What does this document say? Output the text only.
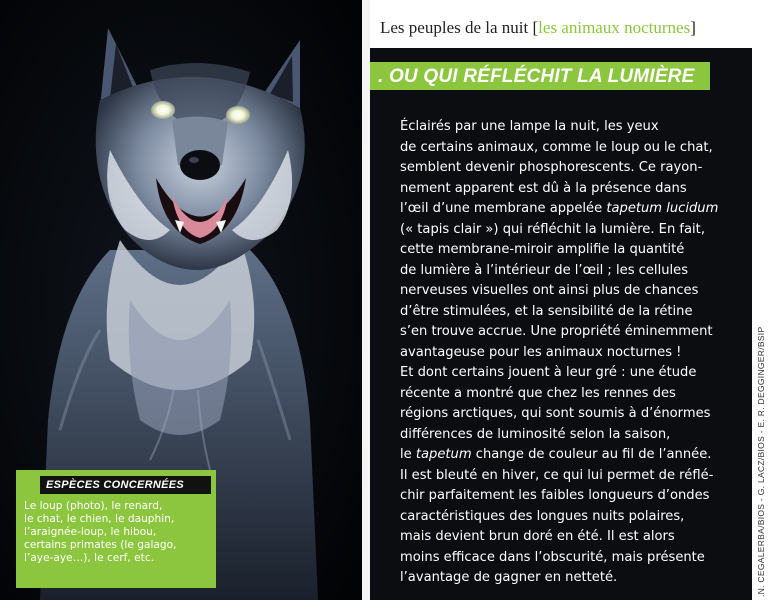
ESPÈCES CONCERNÉES
Le loup (photo), le renard,
le chat, le chien, le dauphin,
l’araignée-loup, le hibou,
certains primates (le galago,
l’aye-aye…), le cerf, etc.
Les peuples de la nuit [les animaux nocturnes]
. OU QUI RÉFLÉCHIT LA LUMIÈRE
Éclairés par une lampe la nuit, les yeux
de certains animaux, comme le loup ou le chat,
semblent devenir phosphorescents. Ce rayon-
nement apparent est dû à la présence dans
l’œil d’une membrane appelée tapetum lucidum
(« tapis clair ») qui réfléchit la lumière. En fait,
cette membrane-miroir amplifie la quantité
de lumière à l’intérieur de l’œil ; les cellules
nerveuses visuelles ont ainsi plus de chances
d’être stimulées, et la sensibilité de la rétine
s’en trouve accrue. Une propriété éminemment
avantageuse pour les animaux nocturnes !
Et dont certains jouent à leur gré : une étude
récente a montré que chez les rennes des
régions arctiques, qui sont soumis à d’énormes
différences de luminosité selon la saison,
le tapetum change de couleur au fil de l’année.
Il est bleuté en hiver, ce qui lui permet de réflé-
chir parfaitement les faibles longueurs d’ondes
caractéristiques des longues nuits polaires,
mais devient brun doré en été. Il est alors
moins efficace dans l’obscurité, mais présente
l’avantage de gagner en netteté.	.N. CEGALERBA/BIOS - G. LACZ/BIOS - E. R. DEGGINGER/BSIP
